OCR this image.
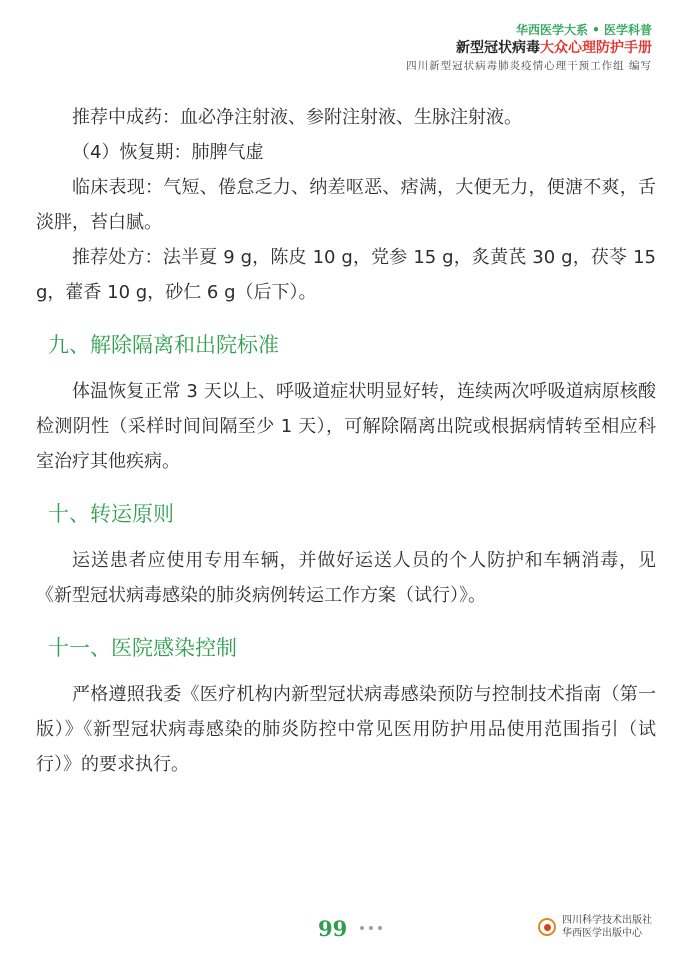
华西医学大系 • 医学科普
新型冠状病毒大众心理防护手册
四川新型冠状病毒肺炎疫情心理干预工作组 编写

推荐中成药：血必净注射液、参附注射液、生脉注射液。

（4）恢复期：肺脾气虚

临床表现：气短、倦怠乏力、纳差呕恶、痞满，大便无力，便溏不爽，舌淡胖，苔白腻。

推荐处方：法半夏 9 g，陈皮 10 g，党参 15 g，炙黄芪 30 g，茯苓 15 g，藿香 10 g，砂仁 6 g（后下）。

九、解除隔离和出院标准

体温恢复正常 3 天以上、呼吸道症状明显好转，连续两次呼吸道病原核酸检测阴性（采样时间间隔至少 1 天），可解除隔离出院或根据病情转至相应科室治疗其他疾病。

十、转运原则

运送患者应使用专用车辆，并做好运送人员的个人防护和车辆消毒，见《新型冠状病毒感染的肺炎病例转运工作方案（试行）》。

十一、医院感染控制

严格遵照我委《医疗机构内新型冠状病毒感染预防与控制技术指南（第一版）》《新型冠状病毒感染的肺炎防控中常见医用防护用品使用范围指引（试行）》的要求执行。

99	四川科学技术出版社
华西医学出版中心
